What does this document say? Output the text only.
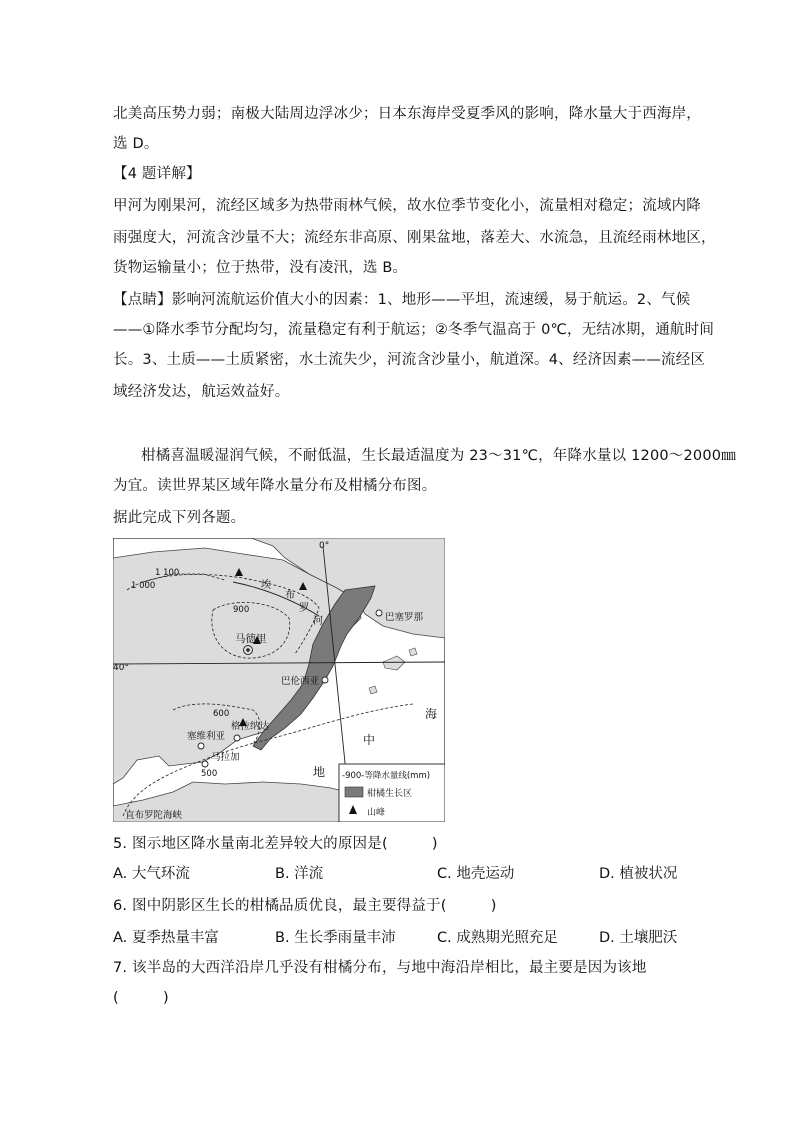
北美高压势力弱；南极大陆周边浮冰少；日本东海岸受夏季风的影响，降水量大于西海岸，
选 D。
【4 题详解】
甲河为刚果河，流经区域多为热带雨林气候，故水位季节变化小，流量相对稳定；流域内降
雨强度大，河流含沙量不大；流经东非高原、刚果盆地，落差大、水流急，且流经雨林地区，
货物运输量小；位于热带，没有凌汛，选 B。
【点睛】影响河流航运价值大小的因素：1、地形——平坦，流速缓，易于航运。2、气候
——①降水季节分配均匀，流量稳定有利于航运；②冬季气温高于 0℃，无结冰期，通航时间
长。3、土质——土质紧密，水土流失少，河流含沙量小，航道深。4、经济因素——流经区
域经济发达，航运效益好。
柑橘喜温暖湿润气候，不耐低温，生长最适温度为 23～31℃，年降水量以 1200～2000㎜
为宜。读世界某区域年降水量分布及柑橘分布图。
据此完成下列各题。
0°
40°
1 100
1 000
900
600
500
埃
布
罗
河	巴塞罗那
马德里
巴伦西亚
塞维利亚
格拉纳达
马拉加
直布罗陀海峡
海
中
地 -900-等降水量线(mm)
柑橘生长区
山峰
5. 图示地区降水量南北差异较大的原因是(　　　)
A. 大气环流	B. 洋流	C. 地壳运动	D. 植被状况
6. 图中阴影区生长的柑橘品质优良，最主要得益于(　　　)
A. 夏季热量丰富	B. 生长季雨量丰沛	C. 成熟期光照充足	D. 土壤肥沃
7. 该半岛的大西洋沿岸几乎没有柑橘分布，与地中海沿岸相比，最主要是因为该地
(　　　)
